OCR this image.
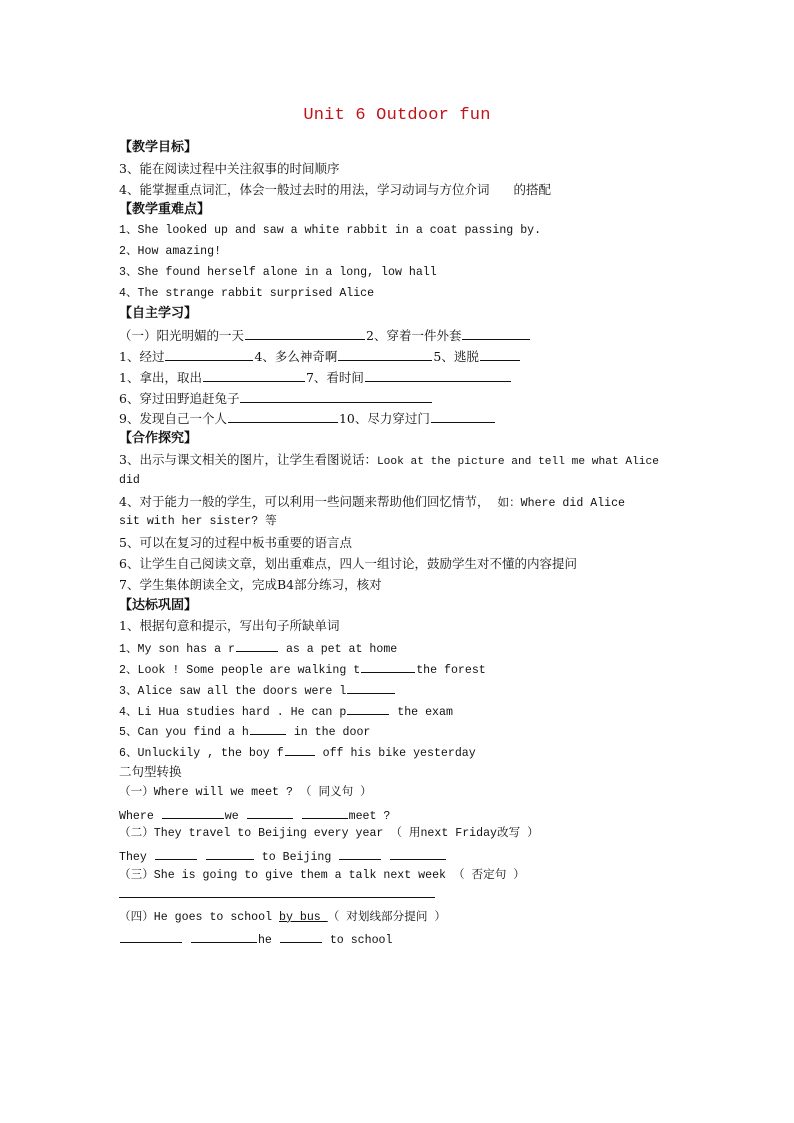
Unit 6 Outdoor fun
【教学目标】
3、能在阅读过程中关注叙事的时间顺序
4、能掌握重点词汇，体会一般过去时的用法，学习动词与方位介词 的搭配
【教学重难点】
1、She looked up and saw a white rabbit in a coat passing by.
2、How amazing!
3、She found herself alone in a long, low hall
4、The strange rabbit surprised Alice
【自主学习】
（一）阳光明媚的一天	2、穿着一件外套
1、经过	4、多么神奇啊	5、逃脱
1、拿出，取出	7、看时间
6、穿过田野追赶兔子
9、发现自己一个人	10、尽力穿过门
【合作探究】
3、出示与课文相关的图片，让学生看图说话：Look at the picture and tell me what Alice
did
4、对于能力一般的学生，可以利用一些问题来帮助他们回忆情节， 如：Where did Alice
sit with her sister? 等
5、可以在复习的过程中板书重要的语言点
6、让学生自己阅读文章，划出重难点，四人一组讨论，鼓励学生对不懂的内容提问
7、学生集体朗读全文，完成B4部分练习，核对
【达标巩固】
1、根据句意和提示，写出句子所缺单词
1、My son has a r	as a pet at home
2、Look ! Some people are walking t	the forest
3、Alice saw all the doors were l
4、Li Hua studies hard . He can p	the exam
5、Can you find a h	in the door
6、Unluckily , the boy f	off his bike yesterday
二句型转换
（一）Where will we meet ? （ 同义句 ）
Where	we	meet ?
（二）They travel to Beijing every year （ 用next Friday改写 ）
They	to Beijing
（三）She is going to give them a talk next week （ 否定句 ）
（四）He goes to school by bus （ 对划线部分提问 ）
he	to school
